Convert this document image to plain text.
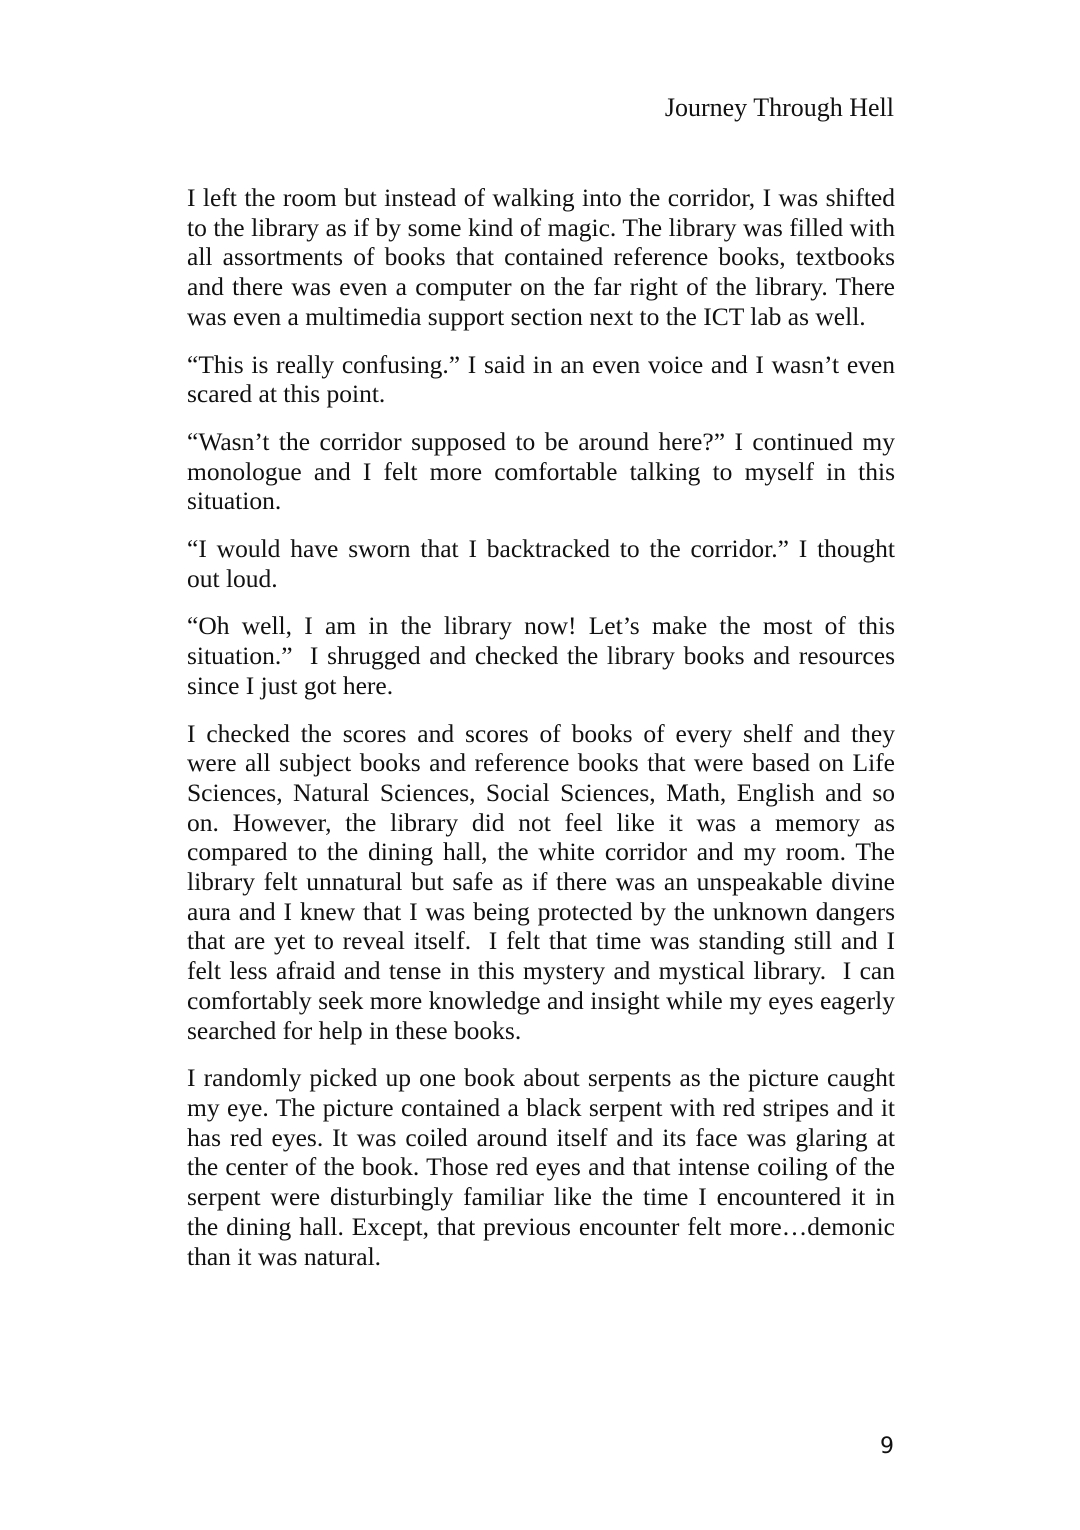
Journey Through Hell

I left the room but instead of walking into the corridor, I was shifted to the library as if by some kind of magic. The library was filled with all assortments of books that contained reference books, textbooks and there was even a computer on the far right of the library. There was even a multimedia support section next to the ICT lab as well.

“This is really confusing.” I said in an even voice and I wasn’t even scared at this point.

“Wasn’t the corridor supposed to be around here?” I continued my monologue and I felt more comfortable talking to myself in this situation.

“I would have sworn that I backtracked to the corridor.” I thought out loud.

“Oh well, I am in the library now! Let’s make the most of this situation.”  I shrugged and checked the library books and resources since I just got here.

I checked the scores and scores of books of every shelf and they were all subject books and reference books that were based on Life Sciences, Natural Sciences, Social Sciences, Math, English and so on. However, the library did not feel like it was a memory as compared to the dining hall, the white corridor and my room. The library felt unnatural but safe as if there was an unspeakable divine aura and I knew that I was being protected by the unknown dangers that are yet to reveal itself.  I felt that time was standing still and I felt less afraid and tense in this mystery and mystical library.  I can comfortably seek more knowledge and insight while my eyes eagerly searched for help in these books.

I randomly picked up one book about serpents as the picture caught my eye. The picture contained a black serpent with red stripes and it has red eyes. It was coiled around itself and its face was glaring at the center of the book. Those red eyes and that intense coiling of the serpent were disturbingly familiar like the time I encountered it in the dining hall. Except, that previous encounter felt more…demonic than it was natural.

9
